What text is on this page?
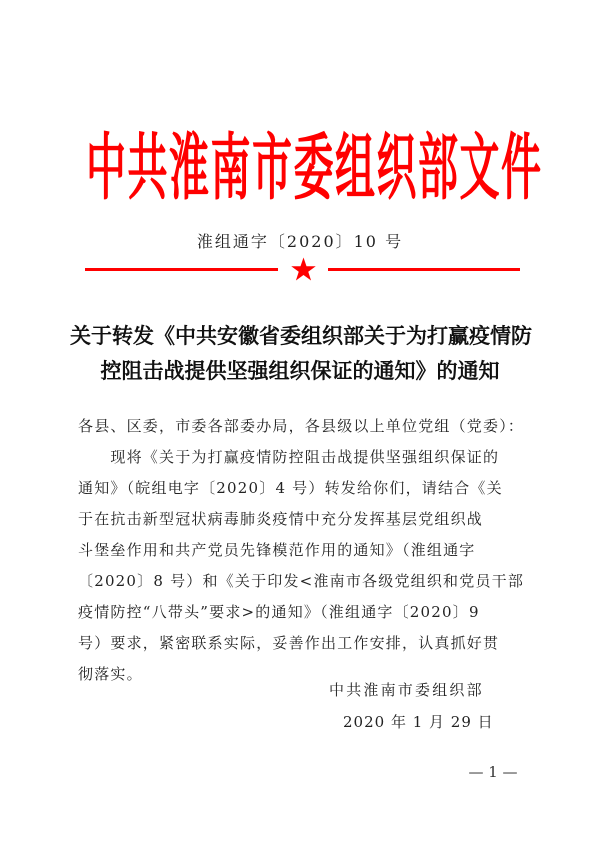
中共淮南市委组织部文件
淮组通字〔2020〕10 号
关于转发《中共安徽省委组织部关于为打赢疫情防
控阻击战提供坚强组织保证的通知》的通知
各县、区委，市委各部委办局，各县级以上单位党组（党委）：
　　现将《关于为打赢疫情防控阻击战提供坚强组织保证的
通知》（皖组电字〔2020〕4 号）转发给你们，请结合《关
于在抗击新型冠状病毒肺炎疫情中充分发挥基层党组织战
斗堡垒作用和共产党员先锋模范作用的通知》（淮组通字
〔2020〕8 号）和《关于印发<淮南市各级党组织和党员干部
疫情防控“八带头”要求>的通知》（淮组通字〔2020〕9
号）要求，紧密联系实际，妥善作出工作安排，认真抓好贯
彻落实。
中共淮南市委组织部
2020 年 1 月 29 日
— 1 —
